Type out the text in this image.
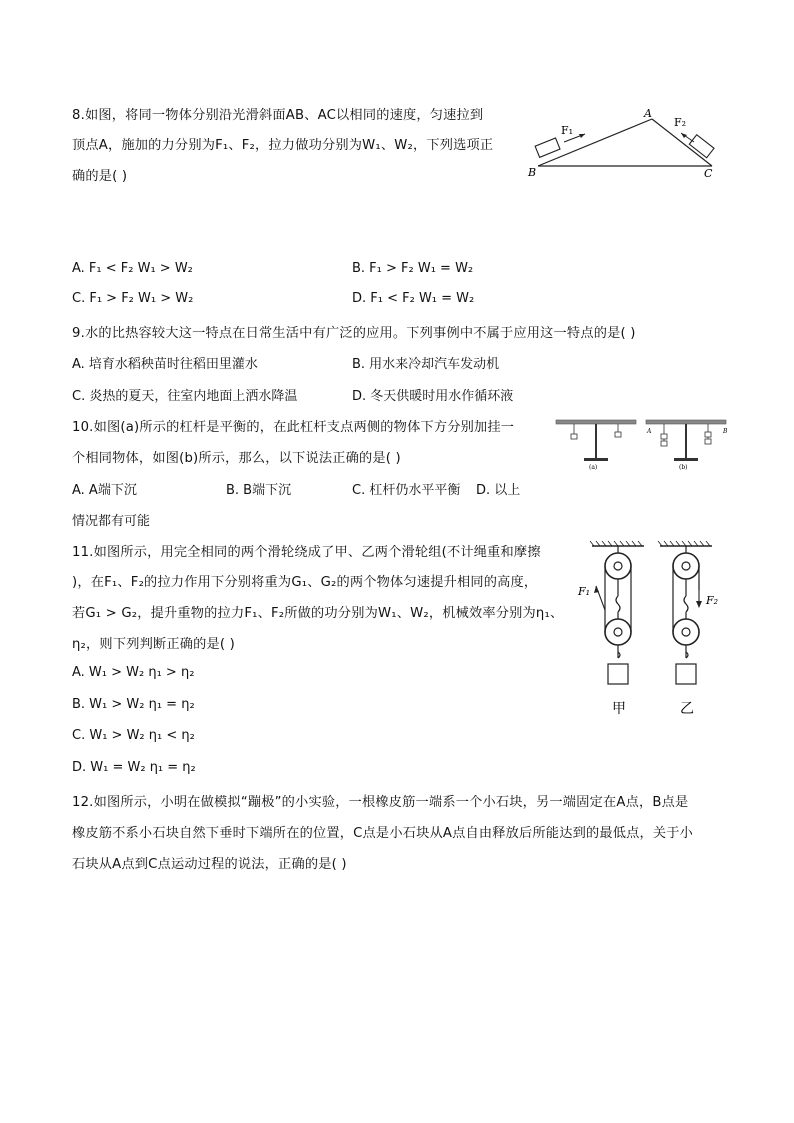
8.如图，将同一物体分别沿光滑斜面AB、AC以相同的速度，匀速拉到
顶点A，施加的力分别为F₁、F₂，拉力做功分别为W₁、W₂，下列选项正
确的是( )
F₁
F₂
A
B	C
A. F₁ < F₂ W₁ > W₂	B. F₁ > F₂ W₁ = W₂
C. F₁ > F₂ W₁ > W₂	D. F₁ < F₂ W₁ = W₂
9.水的比热容较大这一特点在日常生活中有广泛的应用。下列事例中不属于应用这一特点的是( )
A. 培育水稻秧苗时往稻田里灌水	B. 用水来冷却汽车发动机
C. 炎热的夏天，往室内地面上洒水降温	D. 冬天供暖时用水作循环液
10.如图(a)所示的杠杆是平衡的，在此杠杆支点两侧的物体下方分别加挂一
个相同物体，如图(b)所示，那么，以下说法正确的是( )
(a)
A	B
(b)
A. A端下沉	B. B端下沉	C. 杠杆仍水平平衡 D. 以上
情况都有可能
11.如图所示，用完全相同的两个滑轮绕成了甲、乙两个滑轮组(不计绳重和摩擦
)，在F₁、F₂的拉力作用下分别将重为G₁、G₂的两个物体匀速提升相同的高度，
若G₁ > G₂，提升重物的拉力F₁、F₂所做的功分别为W₁、W₂，机械效率分别为η₁、
η₂，则下列判断正确的是( )
F₁
甲
F₂
乙
A. W₁ > W₂ η₁ > η₂
B. W₁ > W₂ η₁ = η₂
C. W₁ > W₂ η₁ < η₂
D. W₁ = W₂ η₁ = η₂
12.如图所示，小明在做模拟“蹦极”的小实验，一根橡皮筋一端系一个小石块，另一端固定在A点，B点是
橡皮筋不系小石块自然下垂时下端所在的位置，C点是小石块从A点自由释放后所能达到的最低点，关于小
石块从A点到C点运动过程的说法，正确的是( )
